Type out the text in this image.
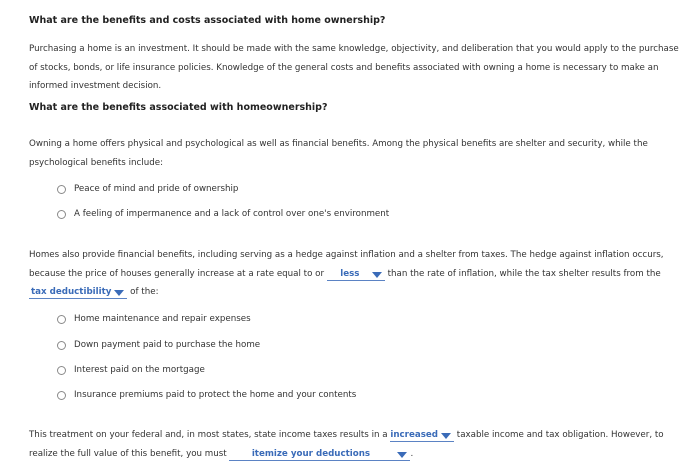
What are the benefits and costs associated with home ownership?
Purchasing a home is an investment. It should be made with the same knowledge, objectivity, and deliberation that you would apply to the purchase of stocks, bonds, or life insurance policies. Knowledge of the general costs and benefits associated with owning a home is necessary to make an informed investment decision.
What are the benefits associated with homeownership?
Owning a home offers physical and psychological as well as financial benefits. Among the physical benefits are shelter and security, while the psychological benefits include:
Peace of mind and pride of ownership
A feeling of impermanence and a lack of control over one's environment
Homes also provide financial benefits, including serving as a hedge against inflation and a shelter from taxes. The hedge against inflation occurs, because the price of houses generally increase at a rate equal to or less	than the rate of inflation, while the tax shelter results from the tax deductibility of the:
Home maintenance and repair expenses
Down payment paid to purchase the home
Interest paid on the mortgage
Insurance premiums paid to protect the home and your contents
This treatment on your federal and, in most states, state income taxes results in a increased taxable income and tax obligation. However, to realize the full value of this benefit, you must	itemize your deductions	.
